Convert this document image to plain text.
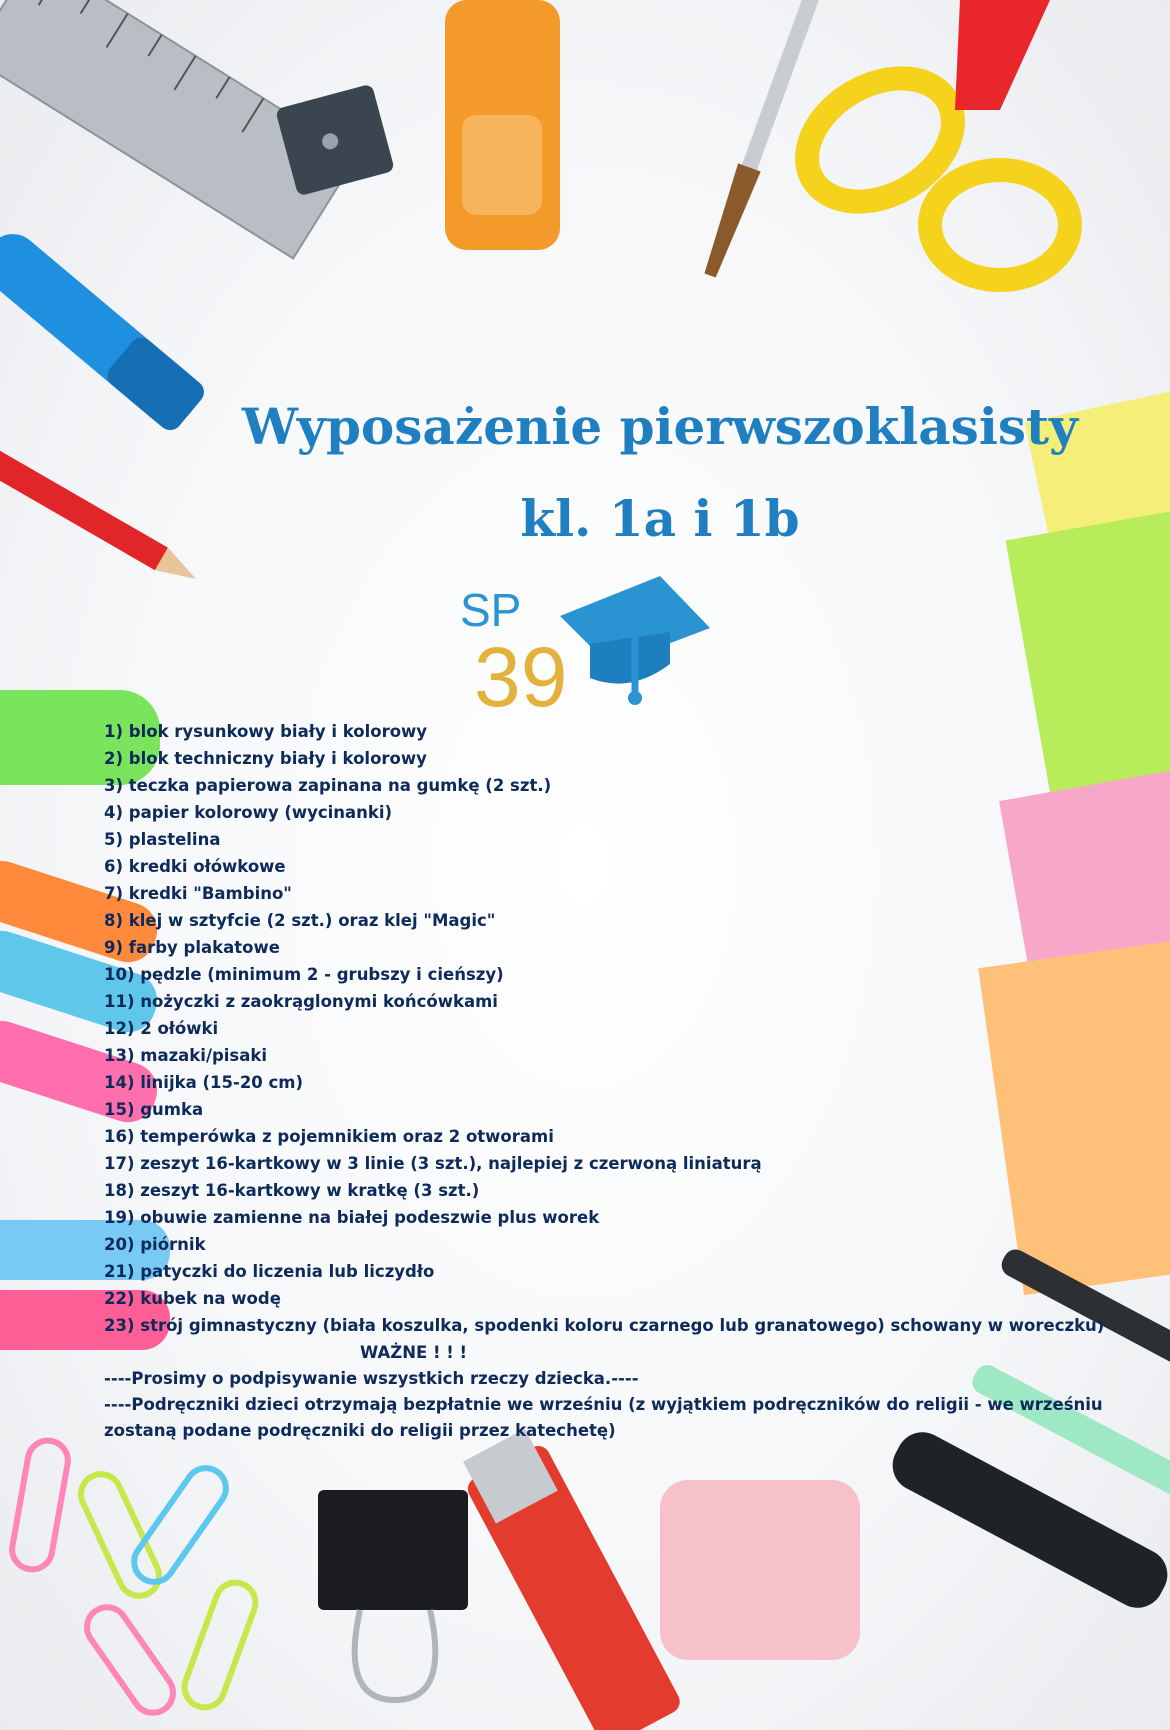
Wyposażenie pierwszoklasisty
kl. 1a i 1b
SP
39
1) blok rysunkowy biały i kolorowy
2) blok techniczny biały i kolorowy
3) teczka papierowa zapinana na gumkę (2 szt.)
4) papier kolorowy (wycinanki)
5) plastelina
6) kredki ołówkowe
7) kredki "Bambino"
8) klej w sztyfcie (2 szt.) oraz klej "Magic"
9) farby plakatowe
10) pędzle (minimum 2 - grubszy i cieńszy)
11) nożyczki z zaokrąglonymi końcówkami
12) 2 ołówki
13) mazaki/pisaki
14) linijka (15-20 cm)
15) gumka
16) temperówka z pojemnikiem oraz 2 otworami
17) zeszyt 16-kartkowy w 3 linie (3 szt.), najlepiej z czerwoną liniaturą
18) zeszyt 16-kartkowy w kratkę (3 szt.)
19) obuwie zamienne na białej podeszwie plus worek
20) piórnik
21) patyczki do liczenia lub liczydło
22) kubek na wodę
23) strój gimnastyczny (biała koszulka, spodenki koloru czarnego lub granatowego) schowany w woreczku)
WAŻNE ! ! !
----Prosimy o podpisywanie wszystkich rzeczy dziecka.----
----Podręczniki dzieci otrzymają bezpłatnie we wrześniu (z wyjątkiem podręczników do religii - we wrześniu zostaną podane podręczniki do religii przez katechetę)
